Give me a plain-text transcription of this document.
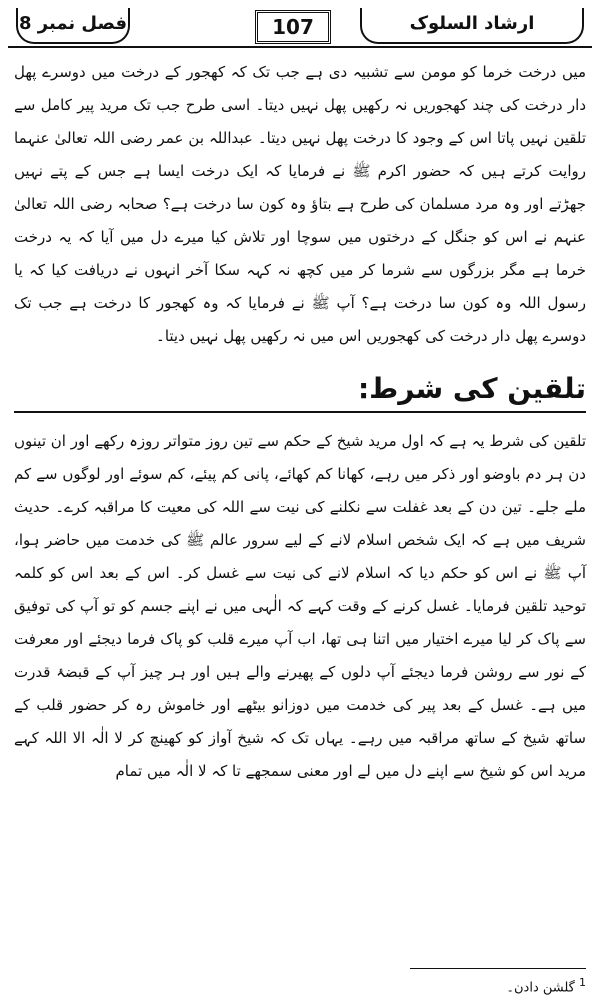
ارشاد السلوک
107
فصل نمبر 8

میں درخت خرما کو مومن سے تشبیہ دی ہے جب تک کہ کھجور کے درخت میں دوسرے پھل دار درخت کی چند کھجوریں نہ رکھیں پھل نہیں دیتا۔ اسی طرح جب تک مرید پیر کامل سے تلقین نہیں پاتا اس کے وجود کا درخت پھل نہیں دیتا۔ عبداللہ بن عمر رضی اللہ تعالیٰ عنہما روایت کرتے ہیں کہ حضور اکرم ﷺ نے فرمایا کہ ایک درخت ایسا ہے جس کے پتے نہیں جھڑتے اور وہ مرد مسلمان کی طرح ہے بتاؤ وہ کون سا درخت ہے؟ صحابہ رضی اللہ تعالیٰ عنہم نے اس کو جنگل کے درختوں میں سوچا اور تلاش کیا میرے دل میں آیا کہ یہ درخت خرما ہے مگر بزرگوں سے شرما کر میں کچھ نہ کہہ سکا آخر انہوں نے دریافت کیا کہ یا رسول اللہ وہ کون سا درخت ہے؟ آپ ﷺ نے فرمایا کہ وہ کھجور کا درخت ہے جب تک دوسرے پھل دار درخت کی کھجوریں اس میں نہ رکھیں پھل نہیں دیتا۔

تلقین کی شرط:

تلقین کی شرط یہ ہے کہ اول مرید شیخ کے حکم سے تین روز متواتر روزہ رکھے اور ان تینوں دن ہر دم باوضو اور ذکر میں رہے، کھانا کم کھائے، پانی کم پیئے، کم سوئے اور لوگوں سے کم ملے جلے۔ تین دن کے بعد غفلت سے نکلنے کی نیت سے اللہ کی معیت کا مراقبہ کرے۔ حدیث شریف میں ہے کہ ایک شخص اسلام لانے کے لیے سرور عالم ﷺ کی خدمت میں حاضر ہوا، آپ ﷺ نے اس کو حکم دیا کہ اسلام لانے کی نیت سے غسل کر۔ اس کے بعد اس کو کلمہ توحید تلقین فرمایا۔ غسل کرنے کے وقت کہے کہ الٰہی میں نے اپنے جسم کو تو آپ کی توفیق سے پاک کر لیا میرے اختیار میں اتنا ہی تھا، اب آپ میرے قلب کو پاک فرما دیجئے اور معرفت کے نور سے روشن فرما دیجئے آپ دلوں کے پھیرنے والے ہیں اور ہر چیز آپ کے قبضۂ قدرت میں ہے۔ غسل کے بعد پیر کی خدمت میں دوزانو بیٹھے اور خاموش رہ کر حضور قلب کے ساتھ شیخ کے ساتھ مراقبہ میں رہے۔ یہاں تک کہ شیخ آواز کو کھینچ کر لا الٰہ الا اللہ کہے مرید اس کو شیخ سے اپنے دل میں لے اور معنی سمجھے تا کہ لا الٰہ میں تمام

$^1$ گلشن دادن۔
